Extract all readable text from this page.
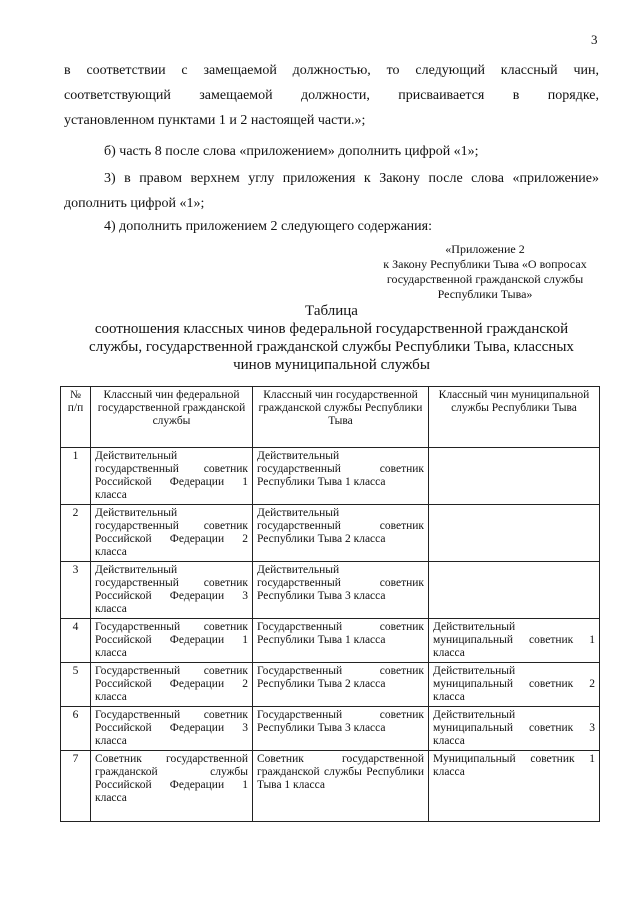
3
в соответствии с замещаемой должностью, то следующий классный чин,
соответствующий замещаемой должности, присваивается в порядке,
установленном пунктами 1 и 2 настоящей части.»;
б) часть 8 после слова «приложением» дополнить цифрой «1»;
3) в правом верхнем углу приложения к Закону после слова «приложение»
дополнить цифрой «1»;
4) дополнить приложением 2 следующего содержания:
«Приложение 2
к Закону Республики Тыва «О вопросах
государственной гражданской службы
Республики Тыва»
Таблица
соотношения классных чинов федеральной государственной гражданской
службы, государственной гражданской службы Республики Тыва, классных
чинов муниципальной службы
№ п/п	Классный чин федеральной государственной гражданской службы	Классный чин государственной гражданской службы Республики Тыва	Классный чин муниципальной службы Республики Тыва
1	Действительный государственный советник Российской Федерации 1 класса	Действительный государственный советник Республики Тыва 1 класса	
2	Действительный государственный советник Российской Федерации 2 класса	Действительный государственный советник Республики Тыва 2 класса	
3	Действительный государственный советник Российской Федерации 3 класса	Действительный государственный советник Республики Тыва 3 класса	
4	Государственный советник Российской Федерации 1 класса	Государственный советник Республики Тыва 1 класса	Действительный муниципальный советник 1 класса
5	Государственный советник Российской Федерации 2 класса	Государственный советник Республики Тыва 2 класса	Действительный муниципальный советник 2 класса
6	Государственный советник Российской Федерации 3 класса	Государственный советник Республики Тыва 3 класса	Действительный муниципальный советник 3 класса
7	Советник государственной гражданской службы Российской Федерации 1 класса	Советник государственной гражданской службы Республики Тыва 1 класса	Муниципальный советник 1 класса
